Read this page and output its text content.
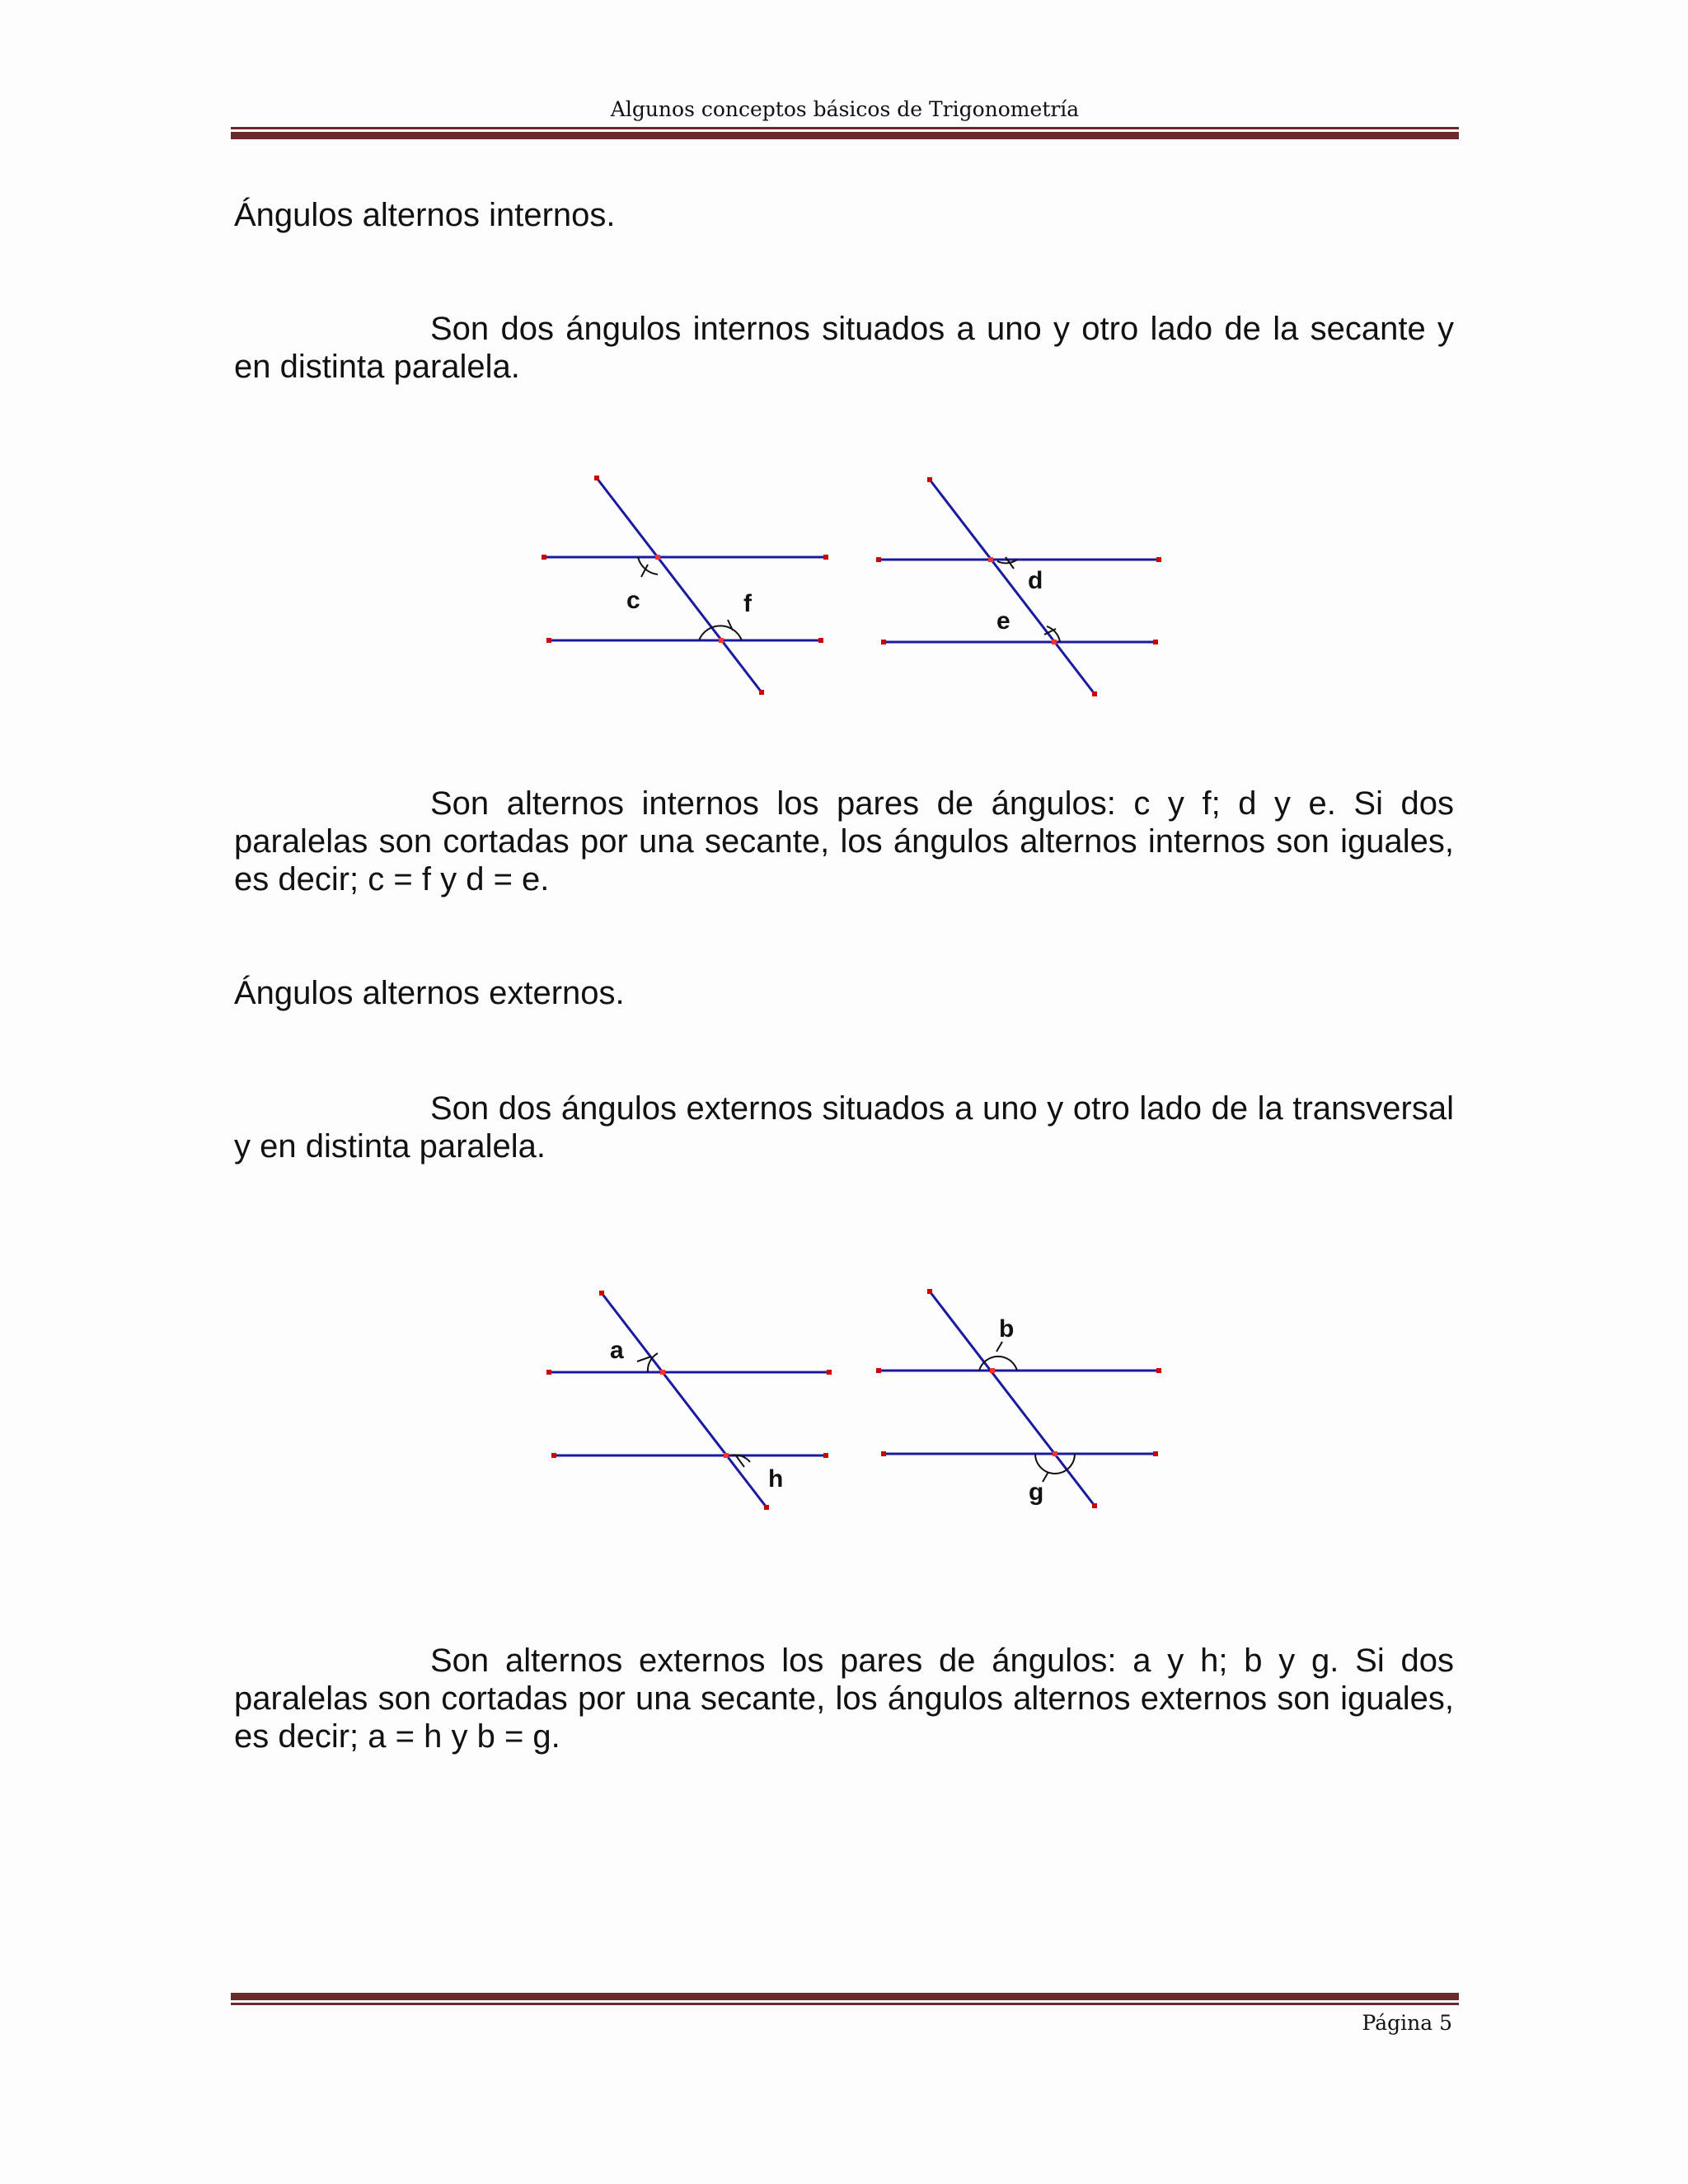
Algunos conceptos básicos de Trigonometría
Ángulos alternos internos.
Son dos ángulos internos situados a uno y otro lado de la secante y en distinta paralela.
c	f
d
e
Son alternos internos los pares de ángulos: c y f; d y e. Si dos paralelas son cortadas por una secante, los ángulos alternos internos son iguales, es decir; c = f y d = e.
Ángulos alternos externos.
Son dos ángulos externos situados a uno y otro lado de la transversal y en distinta paralela.
a
h
b
g
Son alternos externos los pares de ángulos: a y h; b y g. Si dos paralelas son cortadas por una secante, los ángulos alternos externos son iguales, es decir; a = h y b = g.
Página 5
